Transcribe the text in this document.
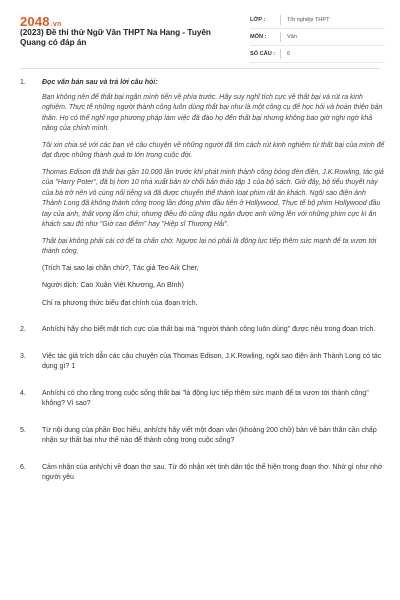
2048.vn
(2023) Đề thi thử Ngữ Văn THPT Na Hang - Tuyên Quang có đáp án
LỚP :	Tốt nghiệp THPT
MÔN :	Văn
SỐ CÂU :	6
1.	Đọc văn bản sau và trả lời câu hỏi:

Bạn không nên để thất bại ngăn mình tiến về phía trước. Hãy suy nghĩ tích cực về thất bại và rút ra kinh nghiệm. Thực tế những người thành công luôn dùng thất bại như là một công cụ để học hỏi và hoàn thiện bản thân. Họ có thể nghĩ ngợ phương pháp làm việc đã đào họ đến thất bại nhưng không bao giờ nghi ngờ khả năng của chính mình.

Tôi xin chia sẻ với các bạn về câu chuyện về những người đã tìm cách rút kinh nghiệm từ thất bại của mình để đạt được những thành quả to lớn trong cuộc đời.

Thomas Edison đã thất bại gần 10.000 lần trước khi phát minh thành công bóng đèn điện, J.K.Rowling, tác giả của "Harry Poter", đã bị hơn 10 nhà xuất bản từ chối bản thảo tập 1 của bộ sách. Giờ đây, bộ tiểu thuyết này của bà trở nên vô cùng nổi tiếng và đã được chuyển thể thành loạt phim rất ăn khách. Ngôi sao điện ảnh Thành Long đã không thành công trong lần đóng phim đầu tiên ở Hollywood. Thực tế bộ phim Hollywood đầu tay của anh, thất vọng lắm chứ, nhưng điều đó cũng đâu ngăn được anh vững lên với những phim cực kì ăn khách sau đó như "Giờ cao điểm" hay "Hiệp sĩ Thượng Hải".

Thất bại không phải cái cớ để ta chấn chờ. Ngược lại nó phải là động lực tiếp thêm sức mạnh để ta vươn tới thành công.

(Trích Tại sao lại chần chừ?, Tác giả Teo Aik Cher,

Người dịch: Cao Xuân Việt Khương, An Bình)

Chỉ ra phương thức biểu đạt chính của đoạn trích.
2.	Anh/chị hãy cho biết mặt tích cực của thất bại mà "người thành công luôn dùng" được nêu trong đoạn trích.
3.	Việc tác giả trích dẫn các câu chuyện của Thomas Edison, J.K.Rowling, ngôi sao điện ảnh Thành Long có tác dụng gì? 1
4.	Anh/chị có cho rằng trong cuộc sống thất bại "là động lực tiếp thêm sức mạnh để ta vươn tới thành công" không? Vì sao?
5.	Từ nội dung của phần Đọc hiểu, anh/chị hãy viết một đoạn văn (khoảng 200 chữ) bàn về bản thân cần chấp nhận sự thất bại như thế nào để thành công trong cuộc sống?
6.	Cảm nhận của anh/chị về đoạn thơ sau. Từ đó nhận xét tinh dân tộc thể hiện trong đoạn thơ. Nhớ gì như nhớ người yêu
